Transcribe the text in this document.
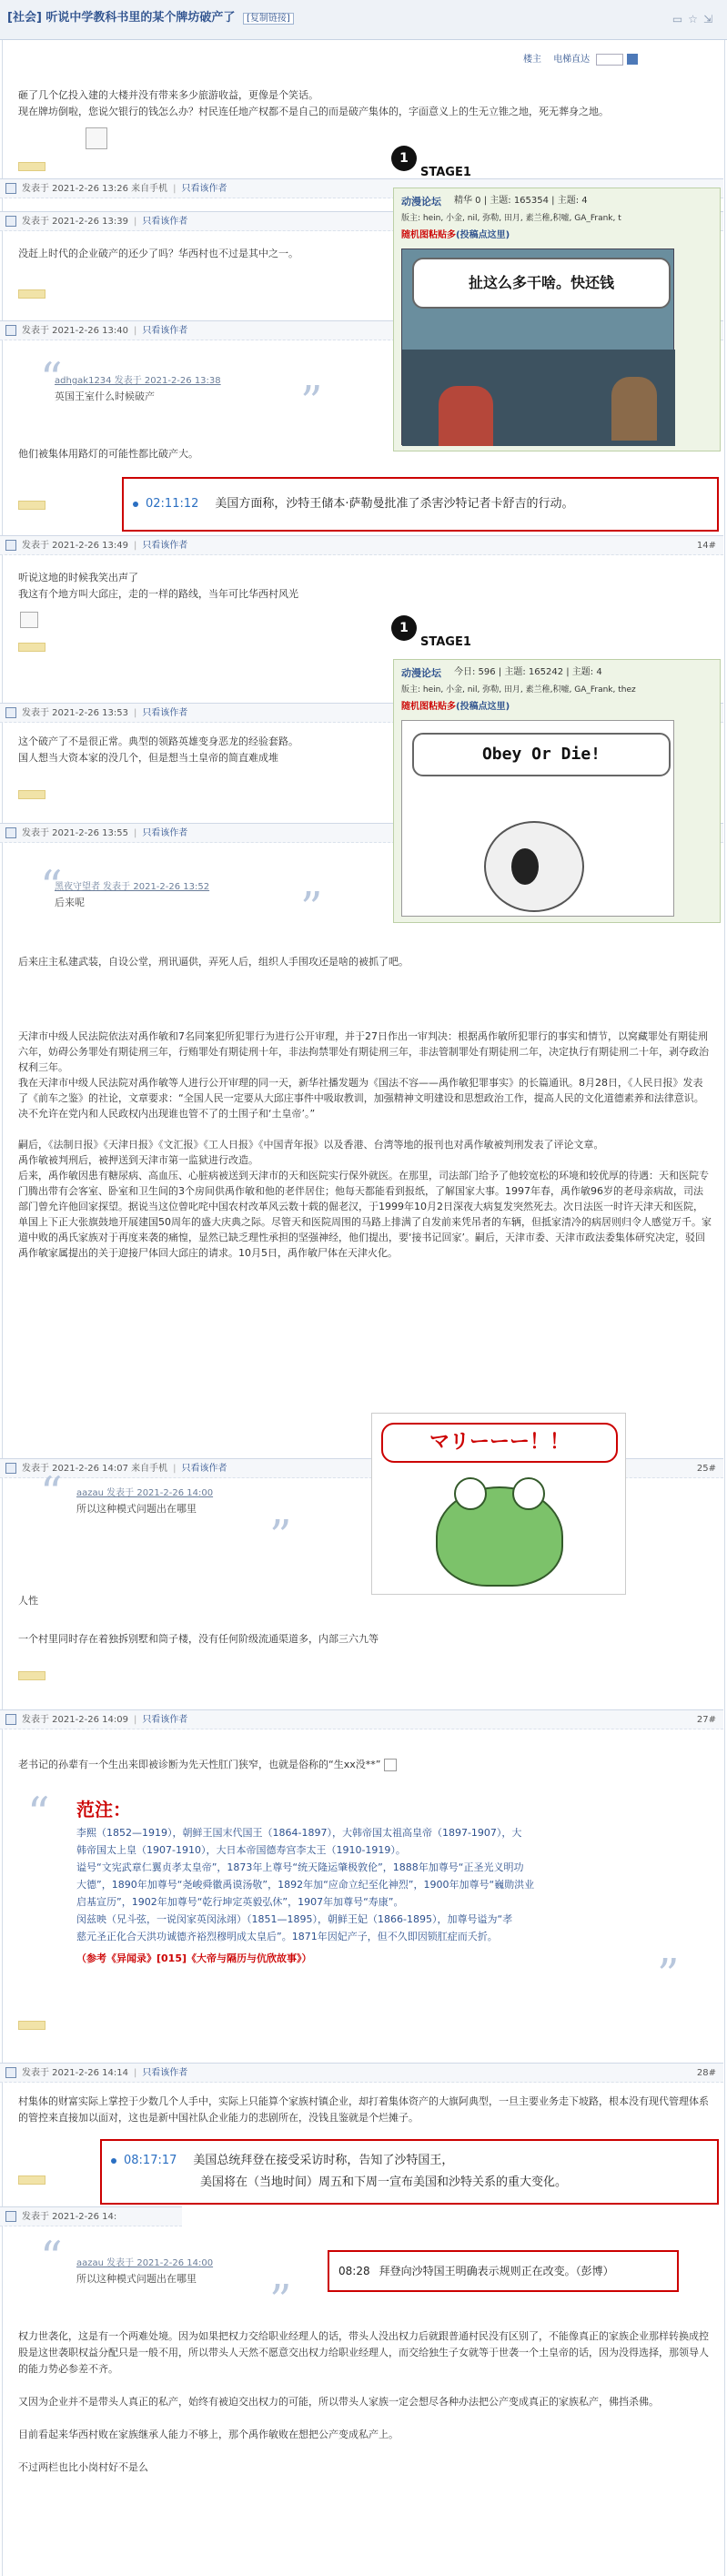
[社会] 听说中学教科书里的某个牌坊破产了 [复制链接]	▭☆⇲
楼主 电梯直达
砸了几个亿投入建的大楼并没有带来多少旅游收益，更像是个笑话。
现在牌坊倒啦，您说欠银行的钱怎么办？村民连任地产权都不是自己的而是破产集体的，字面意义上的生无立锥之地，死无葬身之地。
发表于 2021-2-26 13:26 来自手机 | 只看该作者
发表于 2021-2-26 13:39 | 只看该作者
没赶上时代的企业破产的还少了吗？华西村也不过是其中之一。
发表于 2021-2-26 13:40 | 只看该作者
“
adhgak1234 发表于 2021-2-26 13:38
英国王室什么时候破产	”
他们被集体用路灯的可能性都比破产大。
发表于 2021-2-26 13:49 | 只看该作者	14#
听说这地的时候我笑出声了
我这有个地方叫大邱庄，走的一样的路线，当年可比华西村风光
发表于 2021-2-26 13:53 | 只看该作者
这个破产了不是很正常。典型的领路英雄变身恶龙的经验套路。
国人想当大资本家的没几个，但是想当土皇帝的简直难成堆
发表于 2021-2-26 13:55 | 只看该作者
“
黑夜守望者 发表于 2021-2-26 13:52
后来呢	”
后来庄主私建武装，自设公堂，刑讯逼供，弄死人后，组织人手围攻还是啥的被抓了吧。
天津市中级人民法院依法对禹作敏和7名同案犯所犯罪行为进行公开审理，并于27日作出一审判决：根据禹作敏所犯罪行的事实和情节，以窝藏罪处有期徒刑六年，妨碍公务罪处有期徒刑三年，行贿罪处有期徒刑十年，非法拘禁罪处有期徒刑三年，非法管制罪处有期徒刑二年，决定执行有期徒刑二十年，剥夺政治权利三年。
我在天津市中级人民法院对禹作敏等人进行公开审理的同一天，新华社播发题为《国法不容——禹作敏犯罪事实》的长篇通讯。8月28日，《人民日报》发表了《前车之鉴》的社论，文章要求：“全国人民一定要从大邱庄事件中吸取教训，加强精神文明建设和思想政治工作，提高人民的文化道德素养和法律意识。决不允许在党内和人民政权内出现谁也管不了的土围子和‘土皇帝’。”
嗣后，《法制日报》《天津日报》《文汇报》《工人日报》《中国青年报》以及香港、台湾等地的报刊也对禹作敏被判刑发表了评论文章。
禹作敏被判刑后，被押送到天津市第一监狱进行改造。
后来，禹作敏因患有糖尿病、高血压、心脏病被送到天津市的天和医院实行保外就医。在那里，司法部门给予了他较宽松的环境和较优厚的待遇：天和医院专门腾出带有会客室、卧室和卫生间的3个房间供禹作敏和他的老伴居住；他每天都能看到报纸，了解国家大事。1997年春，禹作敏96岁的老母亲病故，司法部门曾允许他回家探望。据说当这位曾叱咤中国农村改革风云数十载的倔老汉，于1999年10月2日深夜大病复发突然死去。次日法医一时许天津天和医院，单国上下正大张旗鼓地开展建国50周年的盛大庆典之际。尽管天和医院周围的马路上排满了自发前来凭吊者的车辆，但抵家清冷的病居则归令人感觉万千。家道中败的禹氏家族对于再度来袭的痛惶，显然已缺乏理性承担的坚强神经，他们提出，要‘接书记回家’。嗣后，天津市委、天津市政法委集体研究决定，驳回禹作敏家属提出的关于迎接尸体回大邱庄的请求。10月5日，禹作敏尸体在天津火化。
发表于 2021-2-26 14:07 来自手机 | 只看该作者	25#
“ aazau 发表于 2021-2-26 14:00
所以这种模式问题出在哪里
”
人性
一个村里同时存在着独拆别墅和筒子楼，没有任何阶级流通渠道多，内部三六九等
发表于 2021-2-26 14:09 | 只看该作者	27#
老书记的孙辈有一个生出来即被诊断为先天性肛门狭窄，也就是俗称的“生xx没**”
“ 范注：
李熙（1852—1919），朝鲜王国末代国王（1864-1897），大韩帝国太祖高皇帝（1897-1907），大
韩帝国太上皇（1907-1910），大日本帝国德寿宫李太王（1910-1919）。
谥号“文宪武章仁翼贞孝太皇帝”，1873年上尊号“统天隆运肇极敦伦”，1888年加尊号“正圣光义明功
大德”，1890年加尊号“尧峻舜徽禹谟汤敬”，1892年加“应命立纪至化神烈”，1900年加尊号“巍勋洪业
启基宣历”，1902年加尊号“乾行坤定英毅弘休”，1907年加尊号“寿康”。
闵兹映（兄斗弦，一说闵家英闵泳翊）（1851—1895），朝鲜王妃（1866-1895），加尊号谥为“孝
慈元圣正化合天洪功诚德齐裕烈穆明成太皇后”。1871年因妃产子，但不久即因锁肛症而夭折。
（参考《异闻录》[015]《大帝与隔历与伉欣故事》）	”
发表于 2021-2-26 14:14 | 只看该作者	28#
村集体的财富实际上掌控于少数几个人手中，实际上只能算个家族村镇企业，却打着集体资产的大旗阿典型，一旦主要业务走下坡路，根本没有现代管理体系的管控来直接加以面对，这也是新中国社队企业能力的悲剧所在，没钱且鉴就是个烂摊子。
发表于 2021-2-26 14:
“ aazau 发表于 2021-2-26 14:00
所以这种模式问题出在哪里	”
权力世袭化，这是有一个两难处境。因为如果把权力交给职业经理人的话，带头人没出权力后就跟普通村民没有区别了，不能像真正的家族企业那样转换成控股是这世袭职权益分配只是一般不用，所以带头人天然不愿意交出权力给职业经理人，而交给独生子女就等于世袭一个土皇帝的话，因为没得选择，那领导人的能力势必参差不齐。
又因为企业并不是带头人真正的私产，始终有被迫交出权力的可能，所以带头人家族一定会想尽各种办法把公产变成真正的家族私产，佛挡杀佛。
目前看起来华西村败在家族继承人能力不够上，那个禹作敏败在想把公产变成私产上。
不过两栏也比小岗村好不是么
1
STAGE1
动漫论坛 精华 0 | 主题: 165354 | 主题: 4
版主: hein, 小金, nil, 弥勒, 田月, 素兰稚,积嘘, GA_Frank, t
随机图粘贴多(投稿点这里)
扯这么多干啥。快还钱
02:11:12 美国方面称，沙特王储本·萨勒曼批准了杀害沙特记者卡舒吉的行动。
1
STAGE1
动漫论坛 今日: 596 | 主题: 165242 | 主题: 4
版主: hein, 小金, nil, 弥勒, 田月, 素兰稚,积嘘, GA_Frank, thez
随机图粘贴多(投稿点这里)
Obey Or Die!
マリーーー！！
08:17:17 美国总统拜登在接受采访时称，告知了沙特国王，
美国将在（当地时间）周五和下周一宣布美国和沙特关系的重大变化。
08:28 拜登向沙特国王明确表示规则正在改变。（彭博）
